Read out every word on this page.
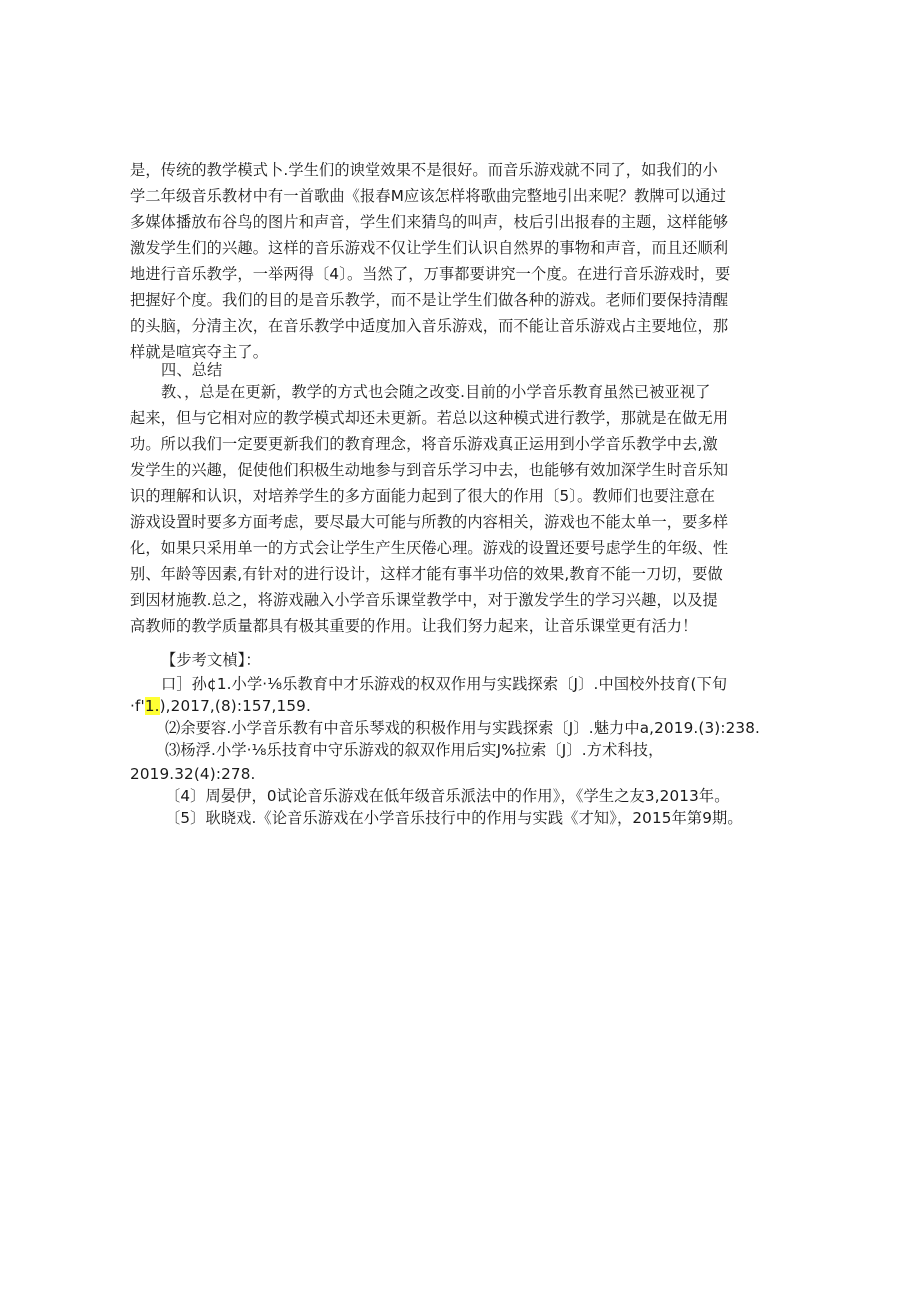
是，传统的教学模式卜.学生们的谀堂效果不是很好。而音乐游戏就不同了，如我们的小
学二年级音乐教材中有一首歌曲《报春M应该怎样将歌曲完整地引出来呢？教牌可以通过
多媒体播放布谷鸟的图片和声音，学生们来猜鸟的叫声，枝后引出报春的主题，这样能够
激发学生们的兴趣。这样的音乐游戏不仅让学生们认识自然界的事物和声音，而且还顺利
地进行音乐教学，一举两得〔4〕。当然了，万事都要讲究一个度。在进行音乐游戏时，要
把握好个度。我们的目的是音乐教学，而不是让学生们做各种的游戏。老师们要保持清醒
的头脑，分清主次，在音乐教学中适度加入音乐游戏，而不能让音乐游戏占主要地位，那
样就是喧宾夺主了。
四、总结
教、，总是在更新，教学的方式也会随之改变.目前的小学音乐教育虽然已被亚视了
起来，但与它相对应的教学模式却还未更新。若总以这种模式进行教学，那就是在做无用
功。所以我们一定要更新我们的教育理念，将音乐游戏真正运用到小学音乐教学中去,激
发学生的兴趣，促使他们积极生动地参与到音乐学习中去，也能够有效加深学生时音乐知
识的理解和认识，对培养学生的多方面能力起到了很大的作用〔5〕。教师们也要注意在
游戏设置时要多方面考虑，要尽最大可能与所教的内容相关，游戏也不能太单一，要多样
化，如果只采用单一的方式会让学生产生厌倦心理。游戏的设置还要号虑学生的年级、性
别、年龄等因素,有针对的进行设计，这样才能有事半功倍的效果,教育不能一刀切，要做
到因材施教.总之，将游戏融入小学音乐课堂教学中，对于激发学生的学习兴趣，以及提
高教师的教学质量都具有极其重要的作用。让我们努力起来，让音乐课堂更有活力！
【步考文楨】：
口］孙¢1.小学·⅛乐教育中才乐游戏的权双作用与实践探索〔J〕.中国校外技育(下旬
·f'1.),2017,(8):157,159.
⑵余要容.小学音乐教有中音乐琴戏的积极作用与实践探索〔J〕.魅力中a,2019.(3):238.
⑶杨浮.小学·⅛乐技育中守乐游戏的叙双作用后实J%拉索〔J〕.方术科技，
2019.32(4):278.
〔4〕周晏伊，0试论音乐游戏在低年级音乐派法中的作用》，《学生之友3,2013年。
〔5〕耿晓戏.《论音乐游戏在小学音乐技行中的作用与实践《才知》，2015年第9期。
